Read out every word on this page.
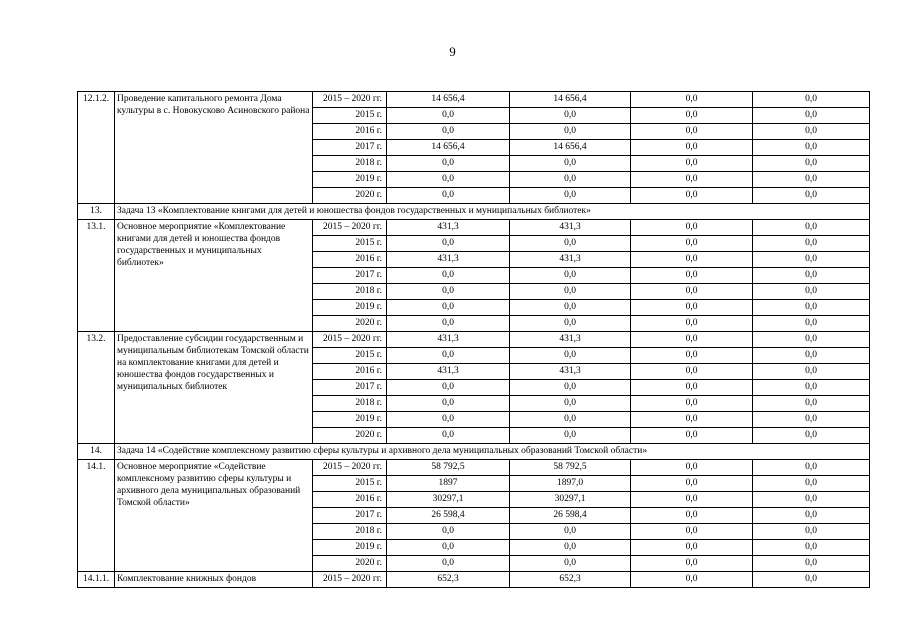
9
12.1.2.	Проведение капитального ремонта Дома культуры в с. Новокусково Асиновского района	2015 – 2020 гг.	14 656,4	14 656,4	0,0	0,0
		2015 г.	0,0	0,0	0,0	0,0
		2016 г.	0,0	0,0	0,0	0,0
		2017 г.	14 656,4	14 656,4	0,0	0,0
		2018 г.	0,0	0,0	0,0	0,0
		2019 г.	0,0	0,0	0,0	0,0
		2020 г.	0,0	0,0	0,0	0,0
13.	Задача 13 «Комплектование книгами для детей и юношества фондов государственных и муниципальных библиотек»					
13.1.	Основное мероприятие «Комплектование книгами для детей и юношества фондов государственных и муниципальных библиотек»	2015 – 2020 гг.	431,3	431,3	0,0	0,0
		2015 г.	0,0	0,0	0,0	0,0
		2016 г.	431,3	431,3	0,0	0,0
		2017 г.	0,0	0,0	0,0	0,0
		2018 г.	0,0	0,0	0,0	0,0
		2019 г.	0,0	0,0	0,0	0,0
		2020 г.	0,0	0,0	0,0	0,0
13.2.	Предоставление субсидии государственным и муниципальным библиотекам Томской области на комплектование книгами для детей и юношества фондов государственных и муниципальных библиотек	2015 – 2020 гг.	431,3	431,3	0,0	0,0
		2015 г.	0,0	0,0	0,0	0,0
		2016 г.	431,3	431,3	0,0	0,0
		2017 г.	0,0	0,0	0,0	0,0
		2018 г.	0,0	0,0	0,0	0,0
		2019 г.	0,0	0,0	0,0	0,0
		2020 г.	0,0	0,0	0,0	0,0
14.	Задача 14 «Содействие комплексному развитию сферы культуры и архивного дела муниципальных образований Томской области»					
14.1.	Основное мероприятие «Содействие комплексному развитию сферы культуры и архивного дела муниципальных образований Томской области»	2015 – 2020 гг.	58 792,5	58 792,5	0,0	0,0
		2015 г.	1897	1897,0	0,0	0,0
		2016 г.	30297,1	30297,1	0,0	0,0
		2017 г.	26 598,4	26 598,4	0,0	0,0
		2018 г.	0,0	0,0	0,0	0,0
		2019 г.	0,0	0,0	0,0	0,0
		2020 г.	0,0	0,0	0,0	0,0
14.1.1.	Комплектование книжных фондов	2015 – 2020 гг.	652,3	652,3	0,0	0,0
